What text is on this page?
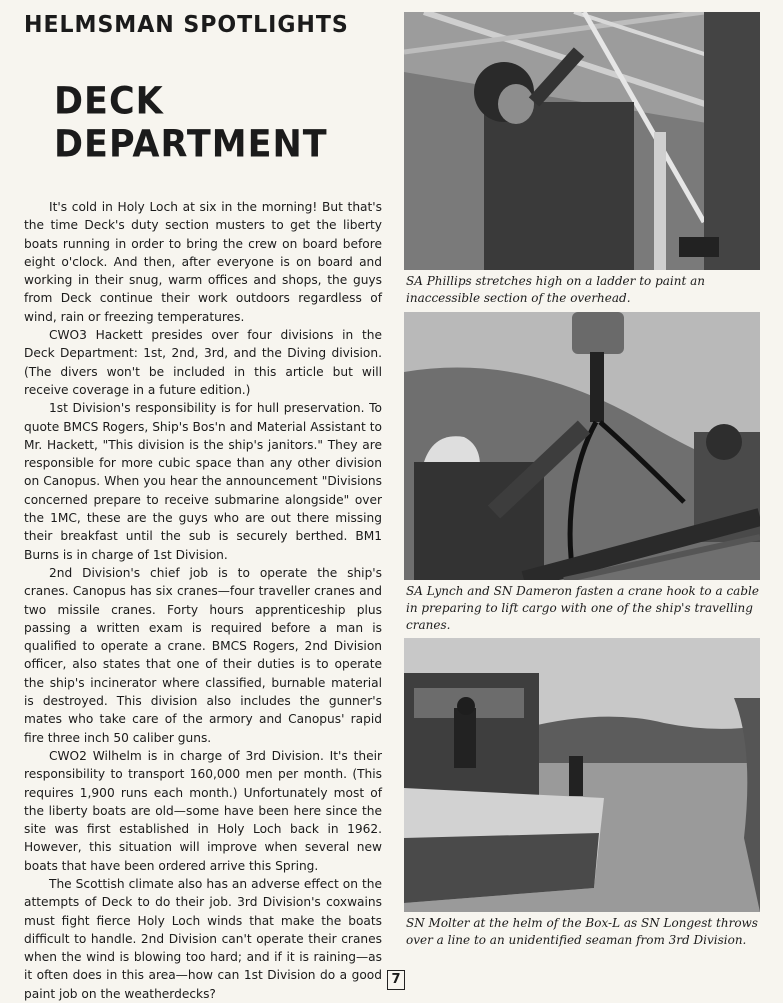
HELMSMAN SPOTLIGHTS
DECK DEPARTMENT

It's cold in Holy Loch at six in the morning! But that's the time Deck's duty section musters to get the liberty boats running in order to bring the crew on board before eight o'clock. And then, after everyone is on board and working in their snug, warm offices and shops, the guys from Deck continue their work outdoors regardless of wind, rain or freezing temperatures.

CWO3 Hackett presides over four divisions in the Deck Department: 1st, 2nd, 3rd, and the Diving division. (The divers won't be included in this article but will receive coverage in a future edition.)

1st Division's responsibility is for hull preservation. To quote BMCS Rogers, Ship's Bos'n and Material Assistant to Mr. Hackett, "This division is the ship's janitors." They are responsible for more cubic space than any other division on Canopus. When you hear the announcement "Divisions concerned prepare to receive submarine alongside" over the 1MC, these are the guys who are out there missing their breakfast until the sub is securely berthed. BM1 Burns is in charge of 1st Division.

2nd Division's chief job is to operate the ship's cranes. Canopus has six cranes—four traveller cranes and two missile cranes. Forty hours apprenticeship plus passing a written exam is required before a man is qualified to operate a crane. BMCS Rogers, 2nd Division officer, also states that one of their duties is to operate the ship's incinerator where classified, burnable material is destroyed. This division also includes the gunner's mates who take care of the armory and Canopus' rapid fire three inch 50 caliber guns.

CWO2 Wilhelm is in charge of 3rd Division. It's their responsibility to transport 160,000 men per month. (This requires 1,900 runs each month.) Unfortunately most of the liberty boats are old—some have been here since the site was first established in Holy Loch back in 1962. However, this situation will improve when several new boats that have been ordered arrive this Spring.

The Scottish climate also has an adverse effect on the attempts of Deck to do their job. 3rd Division's coxwains must fight fierce Holy Loch winds that make the boats difficult to handle. 2nd Division can't operate their cranes when the wind is blowing too hard; and if it is raining—as it often does in this area—how can 1st Division do a good paint job on the weatherdecks?

SA Phillips stretches high on a ladder to paint an inaccessible section of the overhead.
SA Lynch and SN Dameron fasten a crane hook to a cable in preparing to lift cargo with one of the ship's travelling cranes.
SN Molter at the helm of the Box-L as SN Longest throws over a line to an unidentified seaman from 3rd Division.
7
